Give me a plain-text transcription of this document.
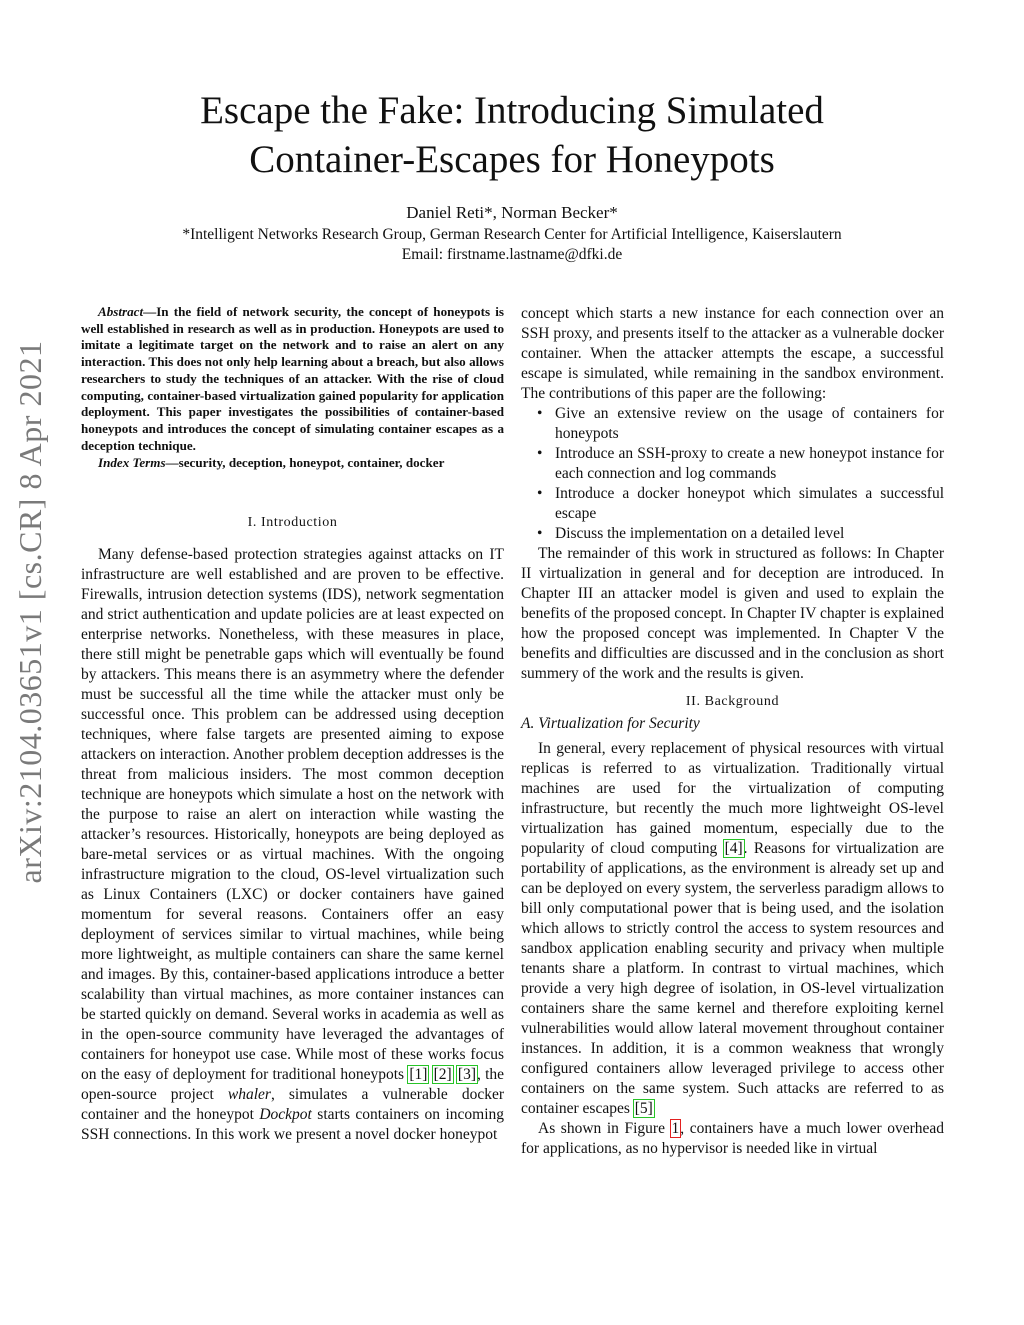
arXiv:2104.03651v1 [cs.CR] 8 Apr 2021
Escape the Fake: Introducing Simulated
Container-Escapes for Honeypots
Daniel Reti*, Norman Becker*
*Intelligent Networks Research Group, German Research Center for Artificial Intelligence, Kaiserslautern
Email: firstname.lastname@dfki.de

Abstract—In the field of network security, the concept of honeypots is well established in research as well as in production. Honeypots are used to imitate a legitimate target on the network and to raise an alert on any interaction. This does not only help learning about a breach, but also allows researchers to study the techniques of an attacker. With the rise of cloud computing, container-based virtualization gained popularity for application deployment. This paper investigates the possibilities of container-based honeypots and introduces the concept of simulating container escapes as a deception technique.

Index Terms—security, deception, honeypot, container, docker

I. Introduction

Many defense-based protection strategies against attacks on IT infrastructure are well established and are proven to be effective. Firewalls, intrusion detection systems (IDS), network segmentation and strict authentication and update policies are at least expected on enterprise networks. Nonetheless, with these measures in place, there still might be penetrable gaps which will eventually be found by attackers. This means there is an asymmetry where the defender must be successful all the time while the attacker must only be successful once. This problem can be addressed using deception techniques, where false targets are presented aiming to expose attackers on interaction. Another problem deception addresses is the threat from malicious insiders. The most common deception technique are honeypots which simulate a host on the network with the purpose to raise an alert on interaction while wasting the attacker’s resources. Historically, honeypots are being deployed as bare-metal services or as virtual machines. With the ongoing infrastructure migration to the cloud, OS-level virtualization such as Linux Containers (LXC) or docker containers have gained momentum for several reasons. Containers offer an easy deployment of services similar to virtual machines, while being more lightweight, as multiple containers can share the same kernel and images. By this, container-based applications introduce a better scalability than virtual machines, as more container instances can be started quickly on demand. Several works in academia as well as in the open-source community have leveraged the advantages of containers for honeypot use case. While most of these works focus on the easy of deployment for traditional honeypots [1] [2] [3], the open-source project whaler, simulates a vulnerable docker container and the honeypot Dockpot starts containers on incoming SSH connections. In this work we present a novel docker honeypot

concept which starts a new instance for each connection over an SSH proxy, and presents itself to the attacker as a vulnerable docker container. When the attacker attempts the escape, a successful escape is simulated, while remaining in the sandbox environment. The contributions of this paper are the following:

• Give an extensive review on the usage of containers for honeypots
• Introduce an SSH-proxy to create a new honeypot instance for each connection and log commands
• Introduce a docker honeypot which simulates a successful escape
• Discuss the implementation on a detailed level

The remainder of this work in structured as follows: In Chapter II virtualization in general and for deception are introduced. In Chapter III an attacker model is given and used to explain the benefits of the proposed concept. In Chapter IV chapter is explained how the proposed concept was implemented. In Chapter V the benefits and difficulties are discussed and in the conclusion as short summery of the work and the results is given.

II. Background
A. Virtualization for Security

In general, every replacement of physical resources with virtual replicas is referred to as virtualization. Traditionally virtual machines are used for the virtualization of computing infrastructure, but recently the much more lightweight OS-level virtualization has gained momentum, especially due to the popularity of cloud computing [4]. Reasons for virtualization are portability of applications, as the environment is already set up and can be deployed on every system, the serverless paradigm allows to bill only computational power that is being used, and the isolation which allows to strictly control the access to system resources and sandbox application enabling security and privacy when multiple tenants share a platform. In contrast to virtual machines, which provide a very high degree of isolation, in OS-level virtualization containers share the same kernel and therefore exploiting kernel vulnerabilities would allow lateral movement throughout container instances. In addition, it is a common weakness that wrongly configured containers allow leveraged privilege to access other containers on the same system. Such attacks are referred to as container escapes [5]

As shown in Figure 1, containers have a much lower overhead for applications, as no hypervisor is needed like in virtual
